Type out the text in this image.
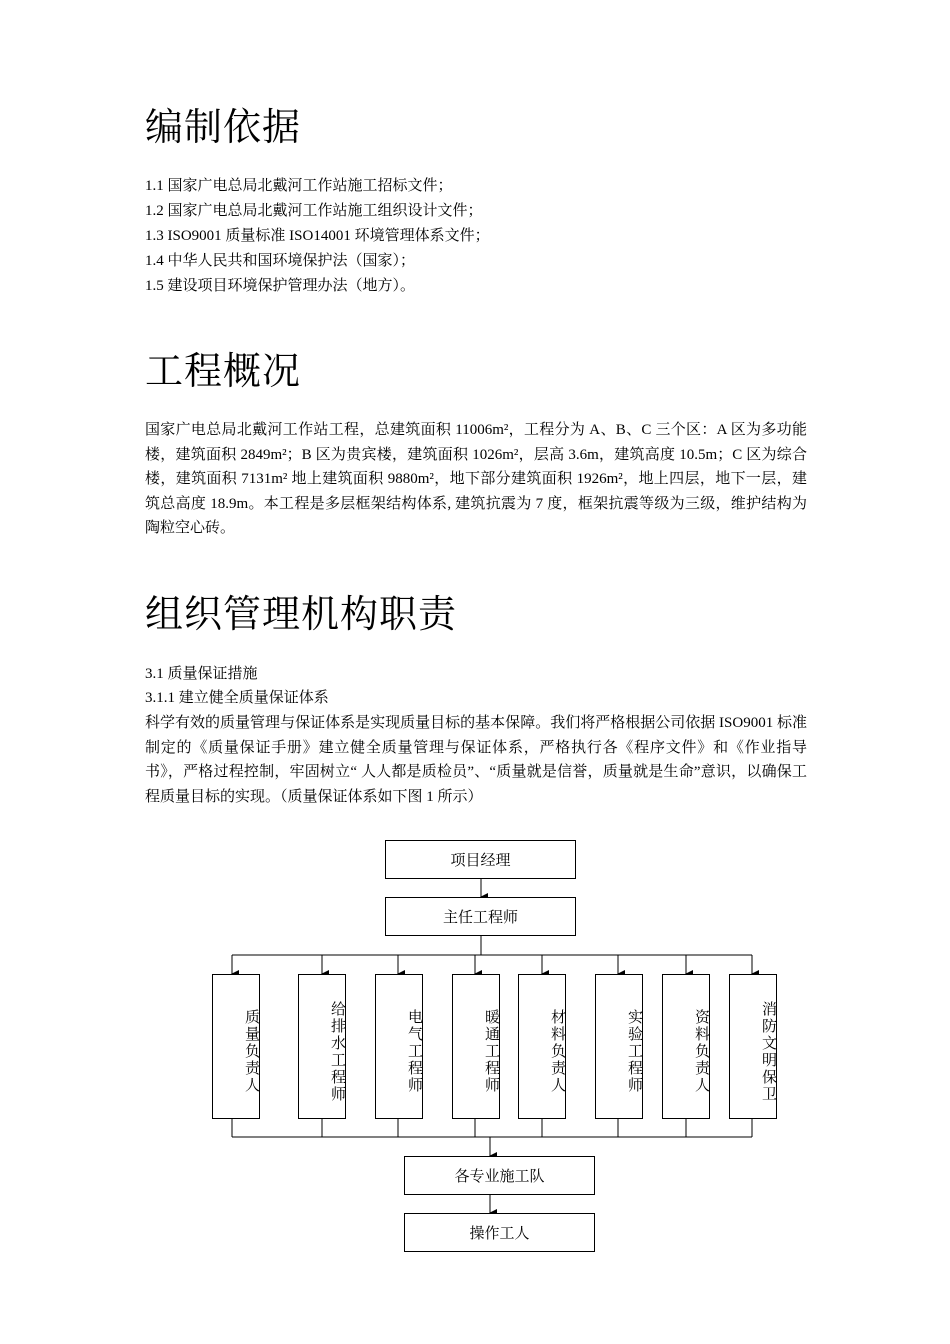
编制依据
1.1 国家广电总局北戴河工作站施工招标文件；
1.2 国家广电总局北戴河工作站施工组织设计文件；
1.3 ISO9001 质量标准 ISO14001 环境管理体系文件；
1.4 中华人民共和国环境保护法（国家）；
1.5 建设项目环境保护管理办法（地方）。
工程概况
国家广电总局北戴河工作站工程，总建筑面积 11006m²，工程分为 A、B、C 三个区：A 区为多功能楼，建筑面积 2849m²；B 区为贵宾楼，建筑面积 1026m²，层高 3.6m，建筑高度 10.5m；C 区为综合楼，建筑面积 7131m² 地上建筑面积 9880m²，地下部分建筑面积 1926m²，地上四层，地下一层，建筑总高度 18.9m。本工程是多层框架结构体系, 建筑抗震为 7 度，框架抗震等级为三级，维护结构为陶粒空心砖。
组织管理机构职责
3.1 质量保证措施
3.1.1 建立健全质量保证体系
科学有效的质量管理与保证体系是实现质量目标的基本保障。我们将严格根据公司依据 ISO9001 标准制定的《质量保证手册》建立健全质量管理与保证体系，严格执行各《程序文件》和《作业指导书》，严格过程控制，牢固树立“ 人人都是质检员”、“质量就是信誉，质量就是生命”意识，以确保工程质量目标的实现。（质量保证体系如下图 1 所示）
项目经理
主任工程师
质量负责人	给排水工程师	电气工程师	暖通工程师	材料负责人	实验工程师	资料负责人	消防文明保卫
各专业施工队
操作工人
